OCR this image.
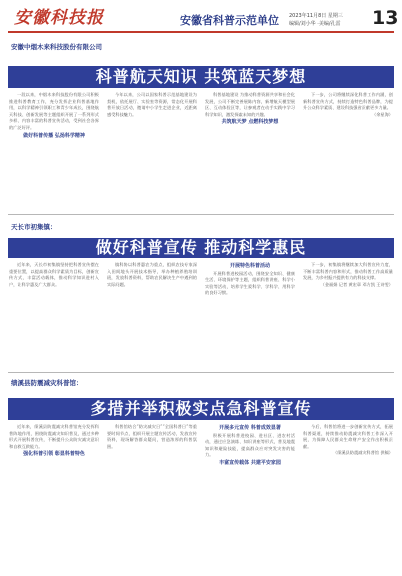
安徽科技报	安徽省科普示范单位 2023年11月8日 星期三
编辑/刘小华 ·美编/孔雷 13
安徽中烟木来科技股份有限公司
科普航天知识 共筑蓝天梦想

一段以来，中烟木来科技股份有限公司积极推进科普教育工作，充分发挥企业科普基地作用，以科学精神引领职工和青少年成长，围绕航天科技、创新发展等主题组织开展了一系列形式多样、内容丰富的科普宣传活动，受到社会各界的广泛好评。

做好科普传播 弘扬科学精神

今年以来，公司以国家科普示范基地建设为契机，依托展厅、实验室等资源，常态化开展科普开放日活动，邀请中小学生走进企业，近距离感受科技魅力。

科普基地建设 为推动科普资源共享和社会化发展，公司不断完善展陈内容，新增航天模型展区、互动体验区等，让参观者在动手实践中学习科学知识，激发探索未知的兴趣。

共筑航天梦 点燃科技梦想

下一步，公司将继续深化科普工作内涵，创新科普宣传方式，持续打造特色科普品牌，为提升公众科学素质、建设科技强省贡献更多力量。

（余星海）

天长市初集镇：
做好科普宣传 推动科学惠民

近年来，天长市初集镇坚持把科普宣传摆在重要位置，以提高群众科学素质为目标，创新宣传方式，丰富活动载体，推动科学知识进村入户，让科学惠及广大群众。

镇科协以科普惠农为重点，组织农技专家深入田间地头开展技术指导，举办种植养殖培训班，发放科普资料，帮助农民解决生产中遇到的实际问题。

开展特色科普活动

开展科普进校园活动，围绕安全知识、健康生活、环境保护等主题，组织科普讲座、科学小实验等活动，培养学生爱科学、学科学、用科学的良好习惯。

下一步，初集镇将继续加大科普宣传力度，不断丰富科普内容和形式，推动科普工作高质量发展，为乡村振兴提供有力的科技支撑。

（金福娟 记者 黄宏章 邓方凯 王诗雯）

绩溪县防震减灾科普馆：
多措并举积极实点急科普宣传

近年来，绩溪县防震减灾科普馆充分发挥科普阵地作用，围绕防震减灾知识普及，通过多种形式开展科普宣传，不断提升公众防灾减灾意识和自救互救能力。

强化科普引领 彰显科普特色

科普馆结合“防灾减灾日”“全国科普日”等重要时间节点，组织开展主题宣传活动，发放宣传资料，现场解答群众疑问，营造浓厚的科普氛围。

开展多元宣传 科普成效显著

积极开展科普进校园、进社区、进农村活动，通过应急演练、知识讲座等形式，普及地震知识和避险技能，提高群众应对突发灾害的能力。

丰富宣传载体 共建平安家园

今后，科普馆将进一步创新宣传方式，拓展科普渠道，持续推动防震减灾科普工作深入开展，为保障人民群众生命财产安全作出积极贡献。

（绩溪县防震减灾科普馆 供稿）
